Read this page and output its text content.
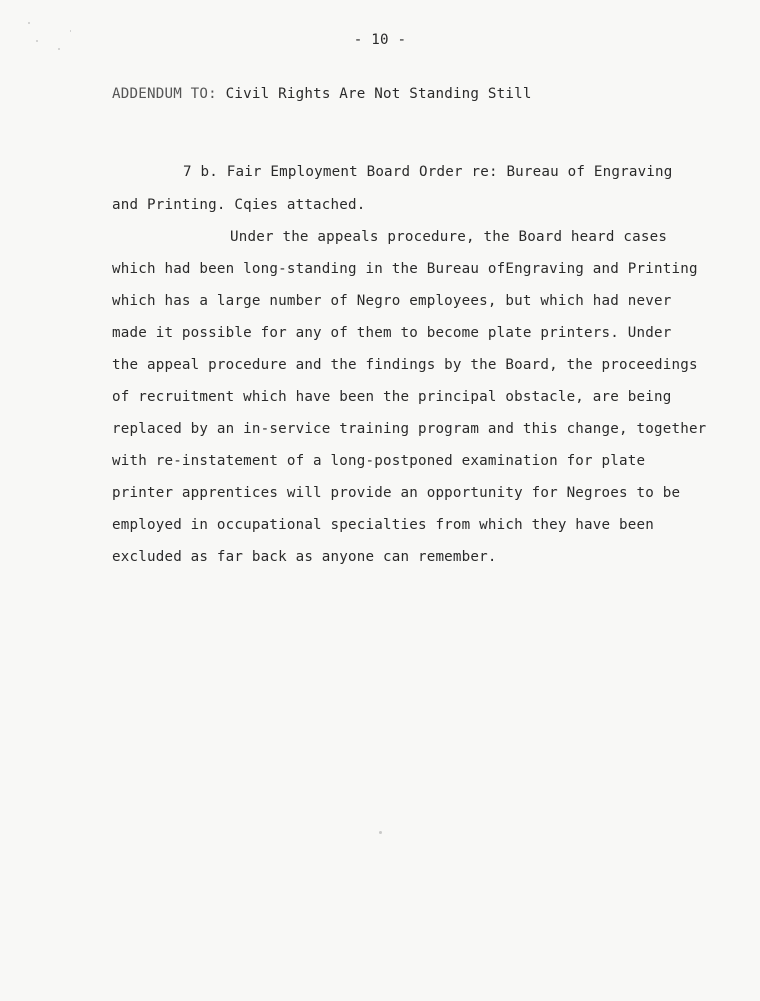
- 10 -
ADDENDUM TO: Civil Rights Are Not Standing Still
7 b. Fair Employment Board Order re: Bureau of Engraving
and Printing. Cqies attached.
Under the appeals procedure, the Board heard cases
which had been long-standing in the Bureau ofEngraving and Printing
which has a large number of Negro employees, but which had never
made it possible for any of them to become plate printers. Under
the appeal procedure and the findings by the Board, the proceedings
of recruitment which have been the principal obstacle, are being
replaced by an in-service training program and this change, together
with re-instatement of a long-postponed examination for plate
printer apprentices will provide an opportunity for Negroes to be
employed in occupational specialties from which they have been
excluded as far back as anyone can remember.
